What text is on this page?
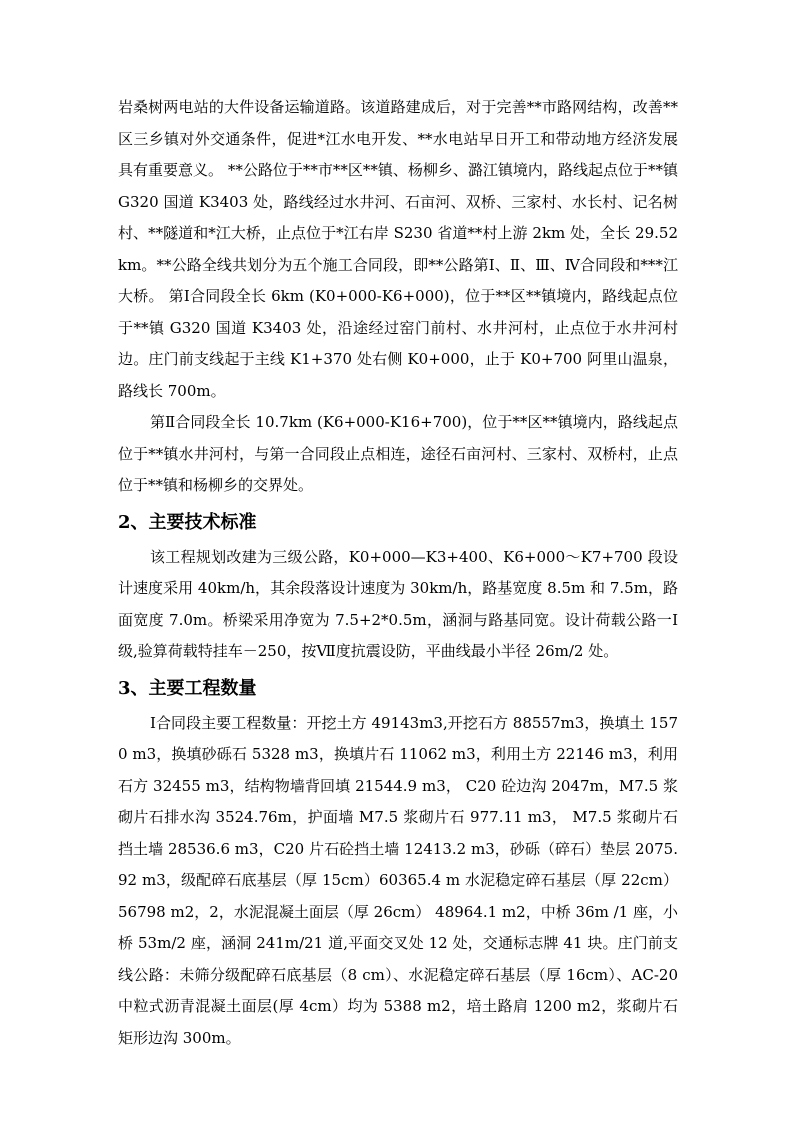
岩桑树两电站的大件设备运输道路。该道路建成后，对于完善**市路网结构，改善**区三乡镇对外交通条件，促进*江水电开发、**水电站早日开工和带动地方经济发展具有重要意义。 **公路位于**市**区**镇、杨柳乡、潞江镇境内，路线起点位于**镇 G320 国道 K3403 处，路线经过水井河、石亩河、双桥、三家村、水长村、记名树村、**隧道和*江大桥，止点位于*江右岸 S230 省道**村上游 2km 处，全长 29.52km。**公路全线共划分为五个施工合同段，即**公路第Ⅰ、Ⅱ、Ⅲ、Ⅳ合同段和***江大桥。 第Ⅰ合同段全长 6km (K0+000-K6+000)，位于**区**镇境内，路线起点位于**镇 G320 国道 K3403 处，沿途经过窑门前村、水井河村，止点位于水井河村边。庄门前支线起于主线 K1+370 处右侧 K0+000，止于 K0+700 阿里山温泉，路线长 700m。

第Ⅱ合同段全长 10.7km (K6+000-K16+700)，位于**区**镇境内，路线起点位于**镇水井河村，与第一合同段止点相连，途径石亩河村、三家村、双桥村，止点位于**镇和杨柳乡的交界处。

2、主要技术标准

该工程规划改建为三级公路，K0+000—K3+400、K6+000～K7+700 段设计速度采用 40km/h，其余段落设计速度为 30km/h，路基宽度 8.5m 和 7.5m，路面宽度 7.0m。桥梁采用净宽为 7.5+2*0.5m，涵洞与路基同宽。设计荷载公路一Ⅰ级,验算荷载特挂车－250，按Ⅶ度抗震设防，平曲线最小半径 26m/2 处。

3、主要工程数量

Ⅰ合同段主要工程数量：开挖土方 49143m3,开挖石方 88557m3，换填土 1570 m3，换填砂砾石 5328 m3，换填片石 11062 m3，利用土方 22146 m3，利用石方 32455 m3，结构物墙背回填 21544.9 m3， C20 砼边沟 2047m，M7.5 浆砌片石排水沟 3524.76m，护面墙 M7.5 浆砌片石 977.11 m3， M7.5 浆砌片石挡土墙 28536.6 m3，C20 片石砼挡土墙 12413.2 m3，砂砾（碎石）垫层 2075.92 m3，级配碎石底基层（厚 15cm）60365.4 m 水泥稳定碎石基层（厚 22cm）56798 m2，2，水泥混凝土面层（厚 26cm） 48964.1 m2，中桥 36m /1 座，小桥 53m/2 座，涵洞 241m/21 道,平面交叉处 12 处，交通标志牌 41 块。庄门前支线公路：未筛分级配碎石底基层（8 cm）、水泥稳定碎石基层（厚 16cm）、AC-20 中粒式沥青混凝土面层(厚 4cm）均为 5388 m2，培土路肩 1200 m2，浆砌片石矩形边沟 300m。
